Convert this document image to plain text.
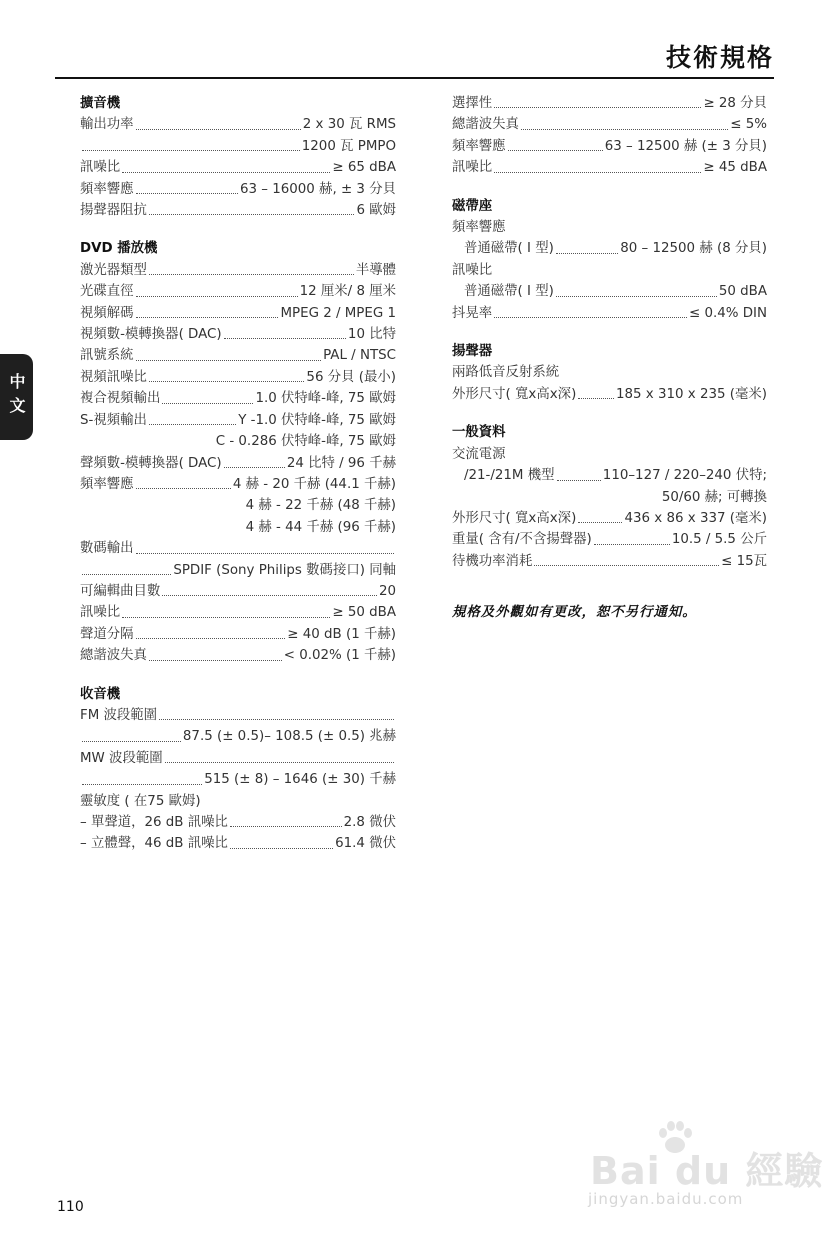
技術規格
中文
擴音機
輸出功率	2 x 30 瓦 RMS
1200 瓦 PMPO
訊噪比	≥ 65 dBA
頻率響應	63 – 16000 赫, ± 3 分貝
揚聲器阻抗	6 歐姆
DVD 播放機
激光器類型	半導體
光碟直徑	12 厘米/ 8 厘米
視頻解碼	MPEG 2 / MPEG 1
視頻數-模轉換器( DAC)	10 比特
訊號系統	PAL / NTSC
視頻訊噪比	56 分貝 (最小)
複合視頻輸出	1.0 伏特峰-峰, 75 歐姆
S-視頻輸出	Y -1.0 伏特峰-峰, 75 歐姆
C - 0.286 伏特峰-峰, 75 歐姆
聲頻數-模轉換器( DAC)	24 比特 / 96 千赫
頻率響應	4 赫 - 20 千赫 (44.1 千赫)
4 赫 - 22 千赫 (48 千赫)
4 赫 - 44 千赫 (96 千赫)
數碼輸出
SPDIF (Sony Philips 數碼接口) 同軸
可編輯曲目數	20
訊噪比	≥ 50 dBA
聲道分隔	≥ 40 dB (1 千赫)
總諧波失真	< 0.02% (1 千赫)
收音機
FM 波段範圍
87.5 (± 0.5)– 108.5 (± 0.5) 兆赫
MW 波段範圍
515 (± 8) – 1646 (± 30) 千赫
靈敏度 ( 在75 歐姆)
– 單聲道，26 dB 訊噪比	2.8 微伏
– 立體聲，46 dB 訊噪比	61.4 微伏
選擇性	≥ 28 分貝
總諧波失真	≤ 5%
頻率響應	63 – 12500 赫 (± 3 分貝)
訊噪比	≥ 45 dBA
磁帶座
頻率響應
普通磁帶( I 型)	80 – 12500 赫 (8 分貝)
訊噪比
普通磁帶( I 型)	50 dBA
抖晃率	≤ 0.4% DIN
揚聲器
兩路低音反射系統
外形尺寸( 寬x高x深)	185 x 310 x 235 (毫米)
一般資料
交流電源
/21-/21M 機型	110–127 / 220–240 伏特;
50/60 赫; 可轉換
外形尺寸( 寬x高x深)	436 x 86 x 337 (毫米)
重量( 含有/不含揚聲器)	10.5 / 5.5 公斤
待機功率消耗	≤ 15瓦
規格及外觀如有更改，恕不另行通知。
110
Bai du 經驗
jingyan.baidu.com
